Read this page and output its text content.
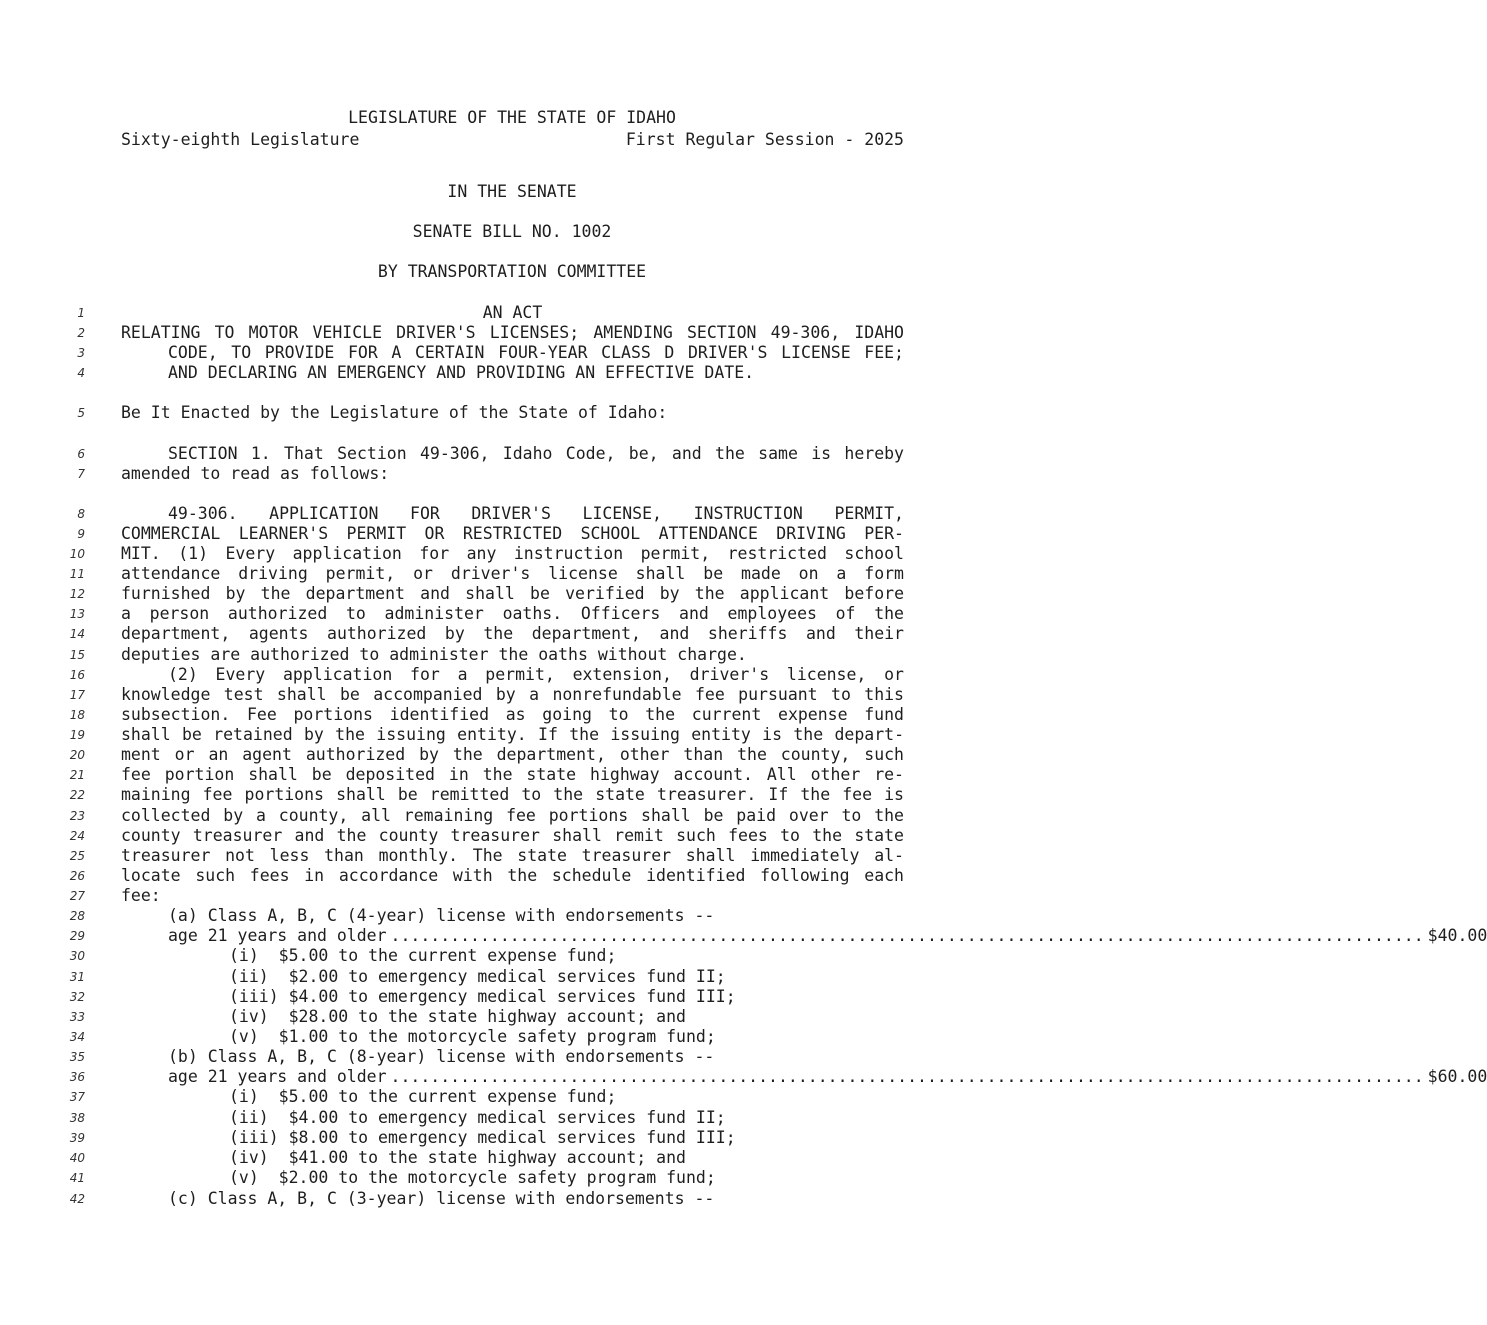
LEGISLATURE OF THE STATE OF IDAHO
Sixty-eighth Legislature	First Regular Session - 2025
IN THE SENATE
SENATE BILL NO. 1002
BY TRANSPORTATION COMMITTEE
1	AN ACT
2 RELATING TO MOTOR VEHICLE DRIVER'S LICENSES; AMENDING SECTION 49-306, IDAHO
3	CODE, TO PROVIDE FOR A CERTAIN FOUR-YEAR CLASS D DRIVER'S LICENSE FEE;
4	AND DECLARING AN EMERGENCY AND PROVIDING AN EFFECTIVE DATE.
5 Be It Enacted by the Legislature of the State of Idaho:
6	SECTION 1. That Section 49-306, Idaho Code, be, and the same is hereby
7 amended to read as follows:
8	49-306. APPLICATION FOR DRIVER'S LICENSE, INSTRUCTION PERMIT,
9 COMMERCIAL LEARNER'S PERMIT OR RESTRICTED SCHOOL ATTENDANCE DRIVING PER-
10 MIT. (1) Every application for any instruction permit, restricted school
11 attendance driving permit, or driver's license shall be made on a form
12 furnished by the department and shall be verified by the applicant before
13 a person authorized to administer oaths. Officers and employees of the
14 department, agents authorized by the department, and sheriffs and their
15 deputies are authorized to administer the oaths without charge.
16	(2) Every application for a permit, extension, driver's license, or
17 knowledge test shall be accompanied by a nonrefundable fee pursuant to this
18 subsection. Fee portions identified as going to the current expense fund
19 shall be retained by the issuing entity. If the issuing entity is the depart-
20 ment or an agent authorized by the department, other than the county, such
21 fee portion shall be deposited in the state highway account. All other re-
22 maining fee portions shall be remitted to the state treasurer. If the fee is
23 collected by a county, all remaining fee portions shall be paid over to the
24 county treasurer and the county treasurer shall remit such fees to the state
25 treasurer not less than monthly. The state treasurer shall immediately al-
26 locate such fees in accordance with the schedule identified following each
27 fee:
28	(a) Class A, B, C (4-year) license with endorsements --
29	age 21 years and older ........................................................................................................ $40.00
30	(i)  $5.00 to the current expense fund;
31	(ii)  $2.00 to emergency medical services fund II;
32	(iii) $4.00 to emergency medical services fund III;
33	(iv)  $28.00 to the state highway account; and
34	(v)  $1.00 to the motorcycle safety program fund;
35	(b) Class A, B, C (8-year) license with endorsements --
36	age 21 years and older ........................................................................................................ $60.00
37	(i)  $5.00 to the current expense fund;
38	(ii)  $4.00 to emergency medical services fund II;
39	(iii) $8.00 to emergency medical services fund III;
40	(iv)  $41.00 to the state highway account; and
41	(v)  $2.00 to the motorcycle safety program fund;
42	(c) Class A, B, C (3-year) license with endorsements --
